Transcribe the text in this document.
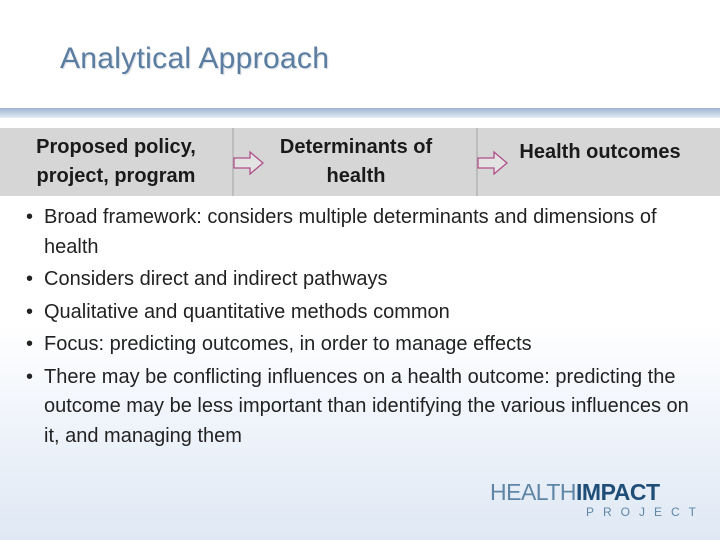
Analytical Approach
Proposed policy,
project, program
Determinants of
health
Health outcomes
• Broad framework: considers multiple determinants and dimensions of health
• Considers direct and indirect pathways
• Qualitative and quantitative methods common
• Focus: predicting outcomes, in order to manage effects
• There may be conflicting influences on a health outcome: predicting the outcome may be less important than identifying the various influences on it, and managing them
HEALTHIMPACT
PROJECT
